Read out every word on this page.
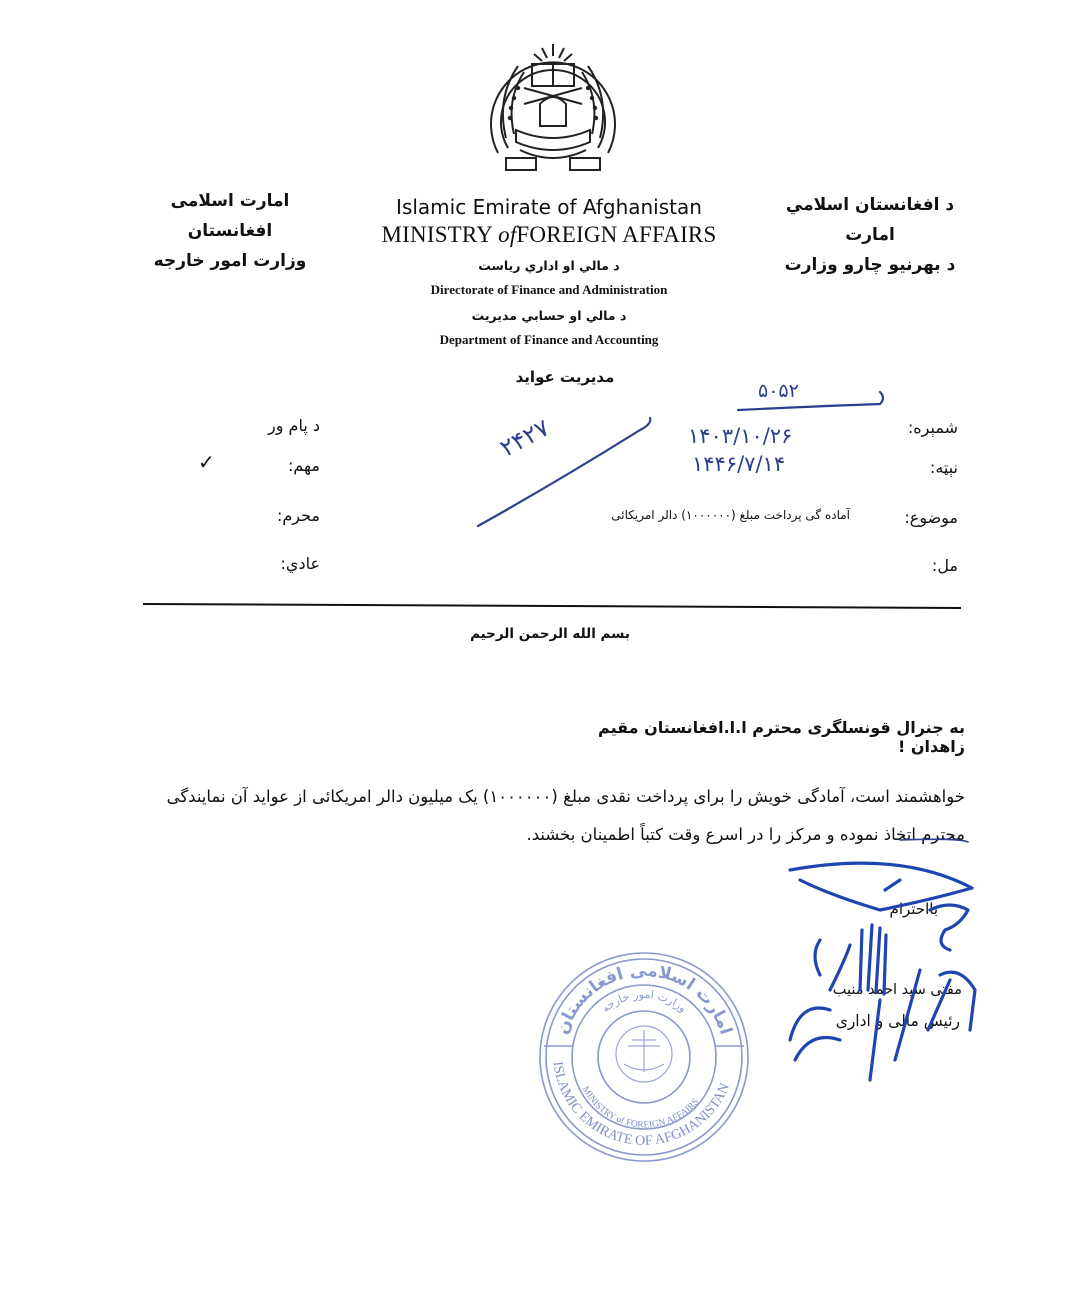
امارت اسلامی افغانستان
وزارت امور خارجه
د افغانستان اسلامي امارت
د بهرنيو چارو وزارت
Islamic Emirate of Afghanistan
MINISTRY ofFOREIGN AFFAIRS
د مالي او اداري رياست
Directorate of Finance and Administration
د مالي او حسابي مديريت
Department of Finance and Accounting
مدیریت عواید
د پام ور
مهم:
✓
محرم:
عادي:
شمېره:
نېټه:
موضوع:
مل:
آماده گی پرداخت مبلغ (۱۰۰۰۰۰۰) دالر امریکائی
۵۰۵۲
۱۴۰۳/۱۰/۲۶
۱۴۴۶/۷/۱۴
۲۴۲۷
بسم الله الرحمن الرحیم
به جنرال قونسلگری محترم ا.ا.افغانستان مقیم زاهدان !
خواهشمند است، آمادگی خویش را برای پرداخت نقدی مبلغ (۱۰۰۰۰۰۰) یک میلیون دالر امریکائی از عواید آن نمایندگی محترم اتخاذ نموده و مرکز را در اسرع وقت کتباً اطمینان بخشند.
بااحترام
مفتی سید احمد منیب
رئیس مالی و اداری
امارت اسلامی افغانستان
وزارت امور خارجه
ISLAMIC EMIRATE OF AFGHANISTAN
MINISTRY of FOREIGN AFFAIRS
